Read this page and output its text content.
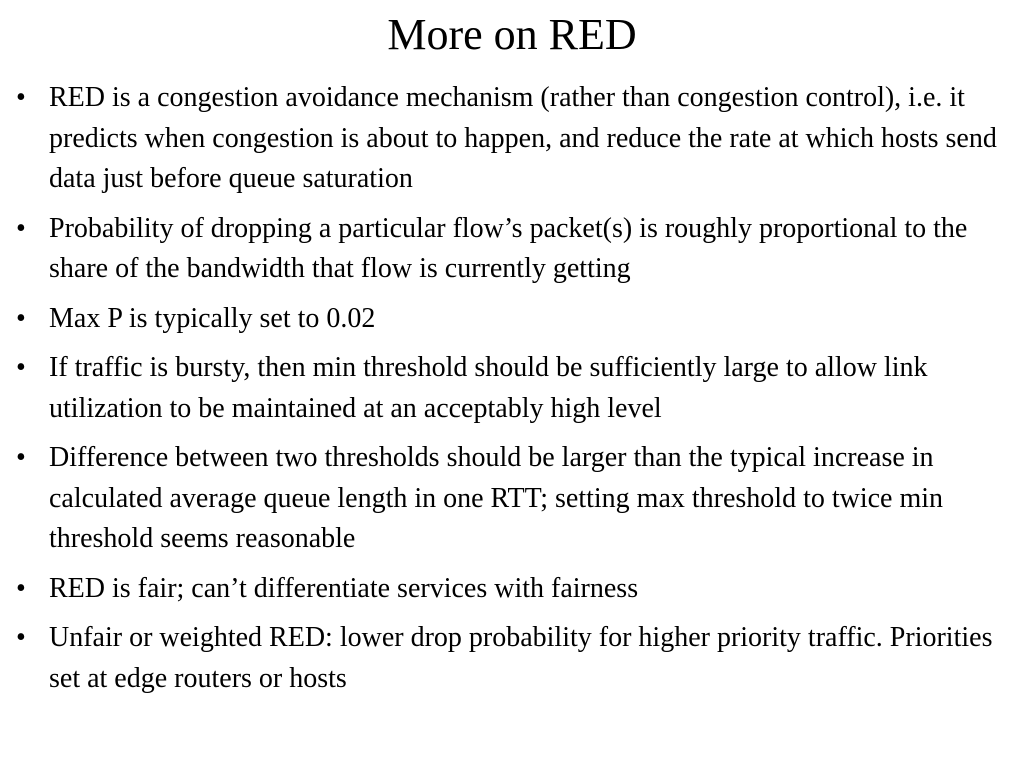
More on RED
• RED is a congestion avoidance mechanism (rather than congestion control), i.e. it predicts when congestion is about to happen, and reduce the rate at which hosts send data just before queue saturation
• Probability of dropping a particular flow’s packet(s) is roughly proportional to the share of the bandwidth that flow is currently getting
• Max P is typically set to 0.02
• If traffic is bursty, then min threshold should be sufficiently large to allow link utilization to be maintained at an acceptably high level
• Difference between two thresholds should be larger than the typical increase in calculated average queue length in one RTT; setting max threshold to twice min threshold seems reasonable
• RED is fair; can’t differentiate services with fairness
• Unfair or weighted RED: lower drop probability for higher priority traffic. Priorities set at edge routers or hosts
